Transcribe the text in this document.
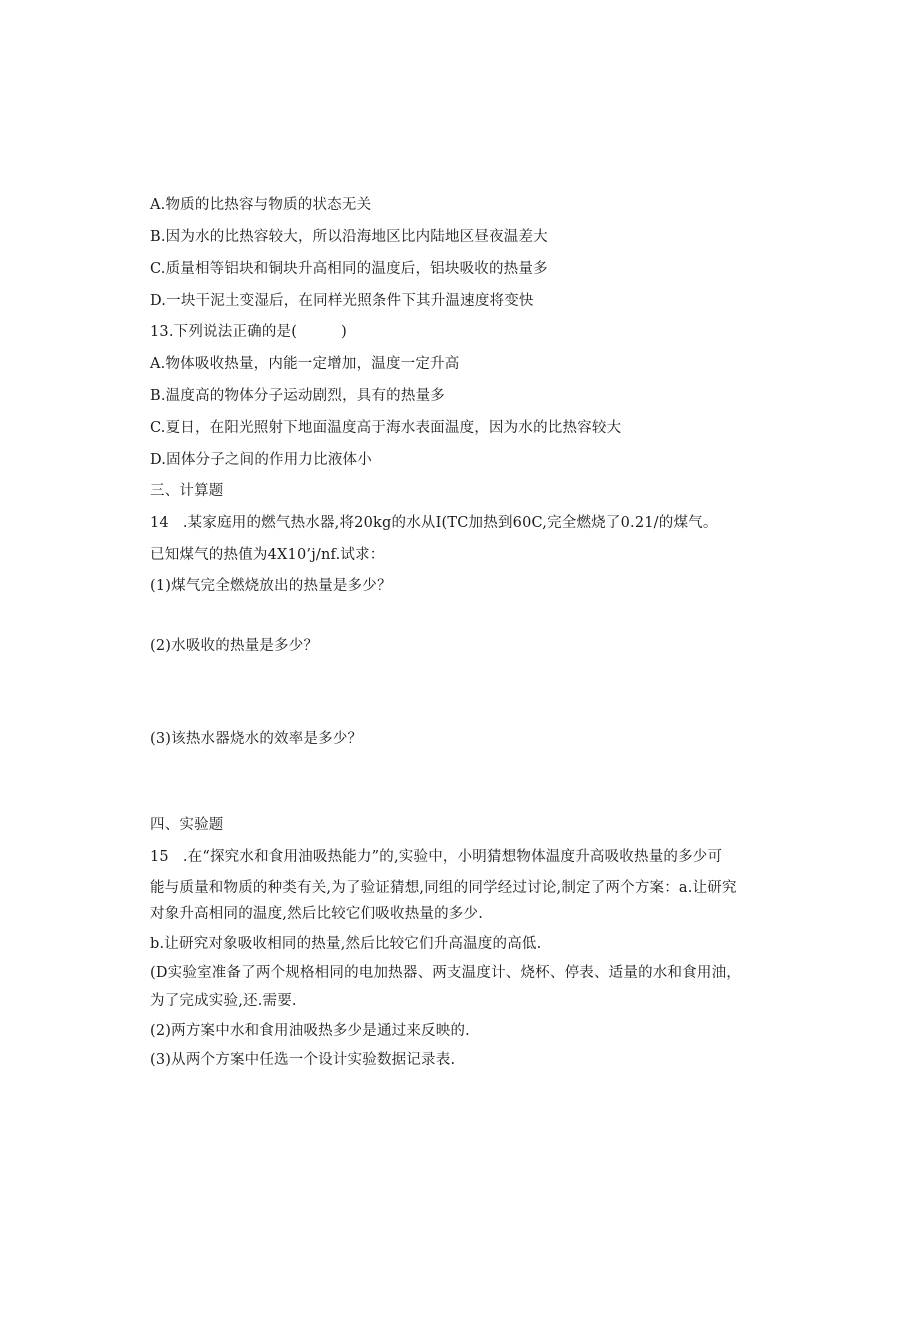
A.物质的比热容与物质的状态无关
B.因为水的比热容较大，所以沿海地区比内陆地区昼夜温差大
C.质量相等铝块和铜块升高相同的温度后，铝块吸收的热量多
D.一块干泥土变湿后，在同样光照条件下其升温速度将变快
13.下列说法正确的是(	)
A.物体吸收热量，内能一定增加，温度一定升高
B.温度高的物体分子运动剧烈，具有的热量多
C.夏日，在阳光照射下地面温度高于海水表面温度，因为水的比热容较大
D.固体分子之间的作用力比液体小
三、计算题
14 .某家庭用的燃气热水器,将20kg的水从I(TC加热到60C,完全燃烧了0.21/的煤气。
已知煤气的热值为4X10’j/nf.试求：
(1)煤气完全燃烧放出的热量是多少？
(2)水吸收的热量是多少？
(3)该热水器烧水的效率是多少？
四、实验题
15 .在“探究水和食用油吸热能力”的,实验中，小明猜想物体温度升高吸收热量的多少可
能与质量和物质的种类有关,为了验证猜想,同组的同学经过讨论,制定了两个方案：a.让研究
对象升高相同的温度,然后比较它们吸收热量的多少.
b.让研究对象吸收相同的热量,然后比较它们升高温度的高低.
(D实验室准备了两个规格相同的电加热器、两支温度计、烧杯、停表、适量的水和食用油，
为了完成实验,还.需要.
(2)两方案中水和食用油吸热多少是通过来反映的.
(3)从两个方案中任选一个设计实验数据记录表.
